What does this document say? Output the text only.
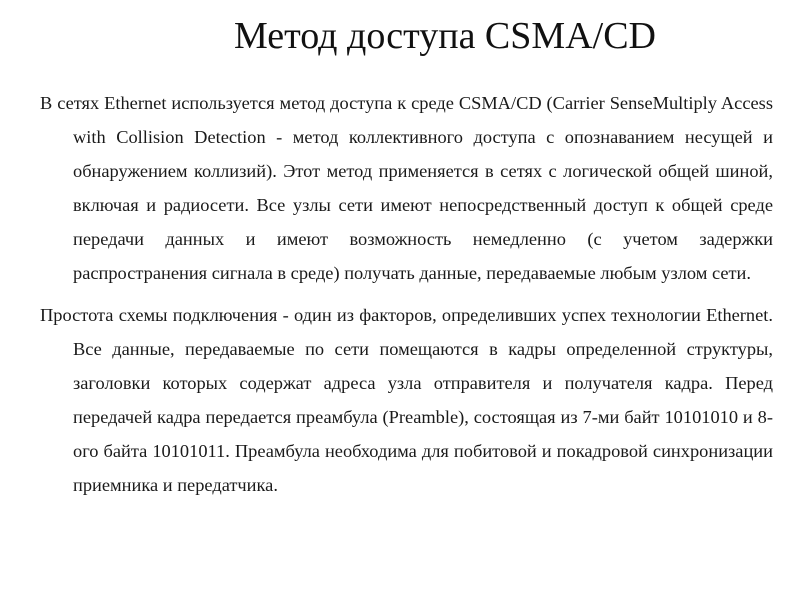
Метод доступа CSMA/CD

В сетях Ethernet используется метод доступа к среде CSMA/CD (Carrier SenseMultiply Access with Collision Detection - метод коллективного доступа с опознаванием несущей и обнаружением коллизий). Этот метод применяется в сетях с логической общей шиной, включая и радиосети. Все узлы сети имеют непосредственный доступ к общей среде передачи данных и имеют возможность немедленно (с учетом задержки распространения сигнала в среде) получать данные, передаваемые любым узлом сети.

Простота схемы подключения - один из факторов, определивших успех технологии Ethernet. Все данные, передаваемые по сети помещаются в кадры определенной структуры, заголовки которых содержат адреса узла отправителя и получателя кадра. Перед передачей кадра передается преамбула (Preamble), состоящая из 7-ми байт 10101010 и 8-ого байта 10101011. Преамбула необходима для побитовой и покадровой синхронизации приемника и передатчика.
